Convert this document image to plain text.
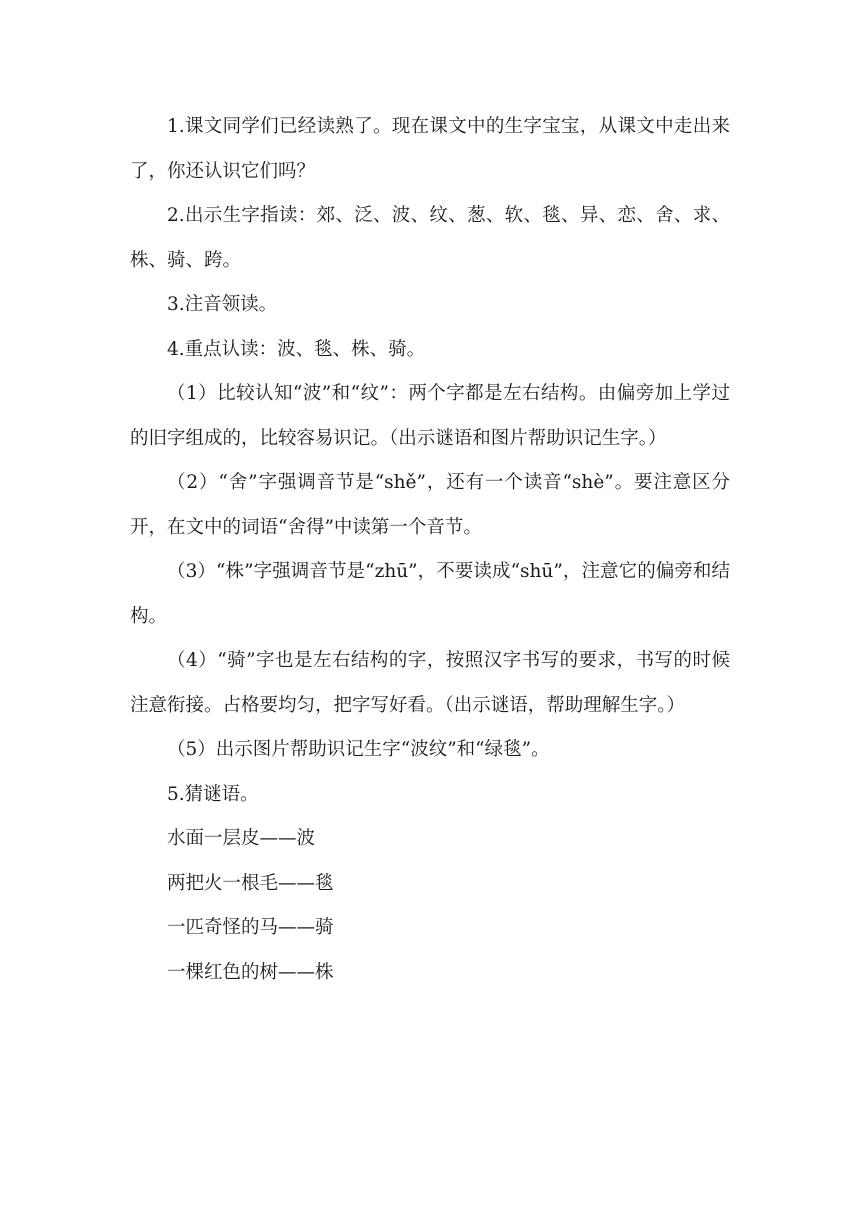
1.课文同学们已经读熟了。现在课文中的生字宝宝，从课文中走出来了，你还认识它们吗？

2.出示生字指读：郊、泛、波、纹、葱、软、毯、异、恋、舍、求、株、骑、跨。

3.注音领读。

4.重点认读：波、毯、株、骑。

（1）比较认知“波”和“纹”：两个字都是左右结构。由偏旁加上学过的旧字组成的，比较容易识记。（出示谜语和图片帮助识记生字。）

（2）“舍”字强调音节是“shě”，还有一个读音“shè”。要注意区分开，在文中的词语“舍得”中读第一个音节。

（3）“株”字强调音节是“zhū”，不要读成“shū”，注意它的偏旁和结构。

（4）“骑”字也是左右结构的字，按照汉字书写的要求，书写的时候注意衔接。占格要均匀，把字写好看。（出示谜语，帮助理解生字。）

（5）出示图片帮助识记生字“波纹”和“绿毯”。

5.猜谜语。

水面一层皮——波

两把火一根毛——毯

一匹奇怪的马——骑

一棵红色的树——株
